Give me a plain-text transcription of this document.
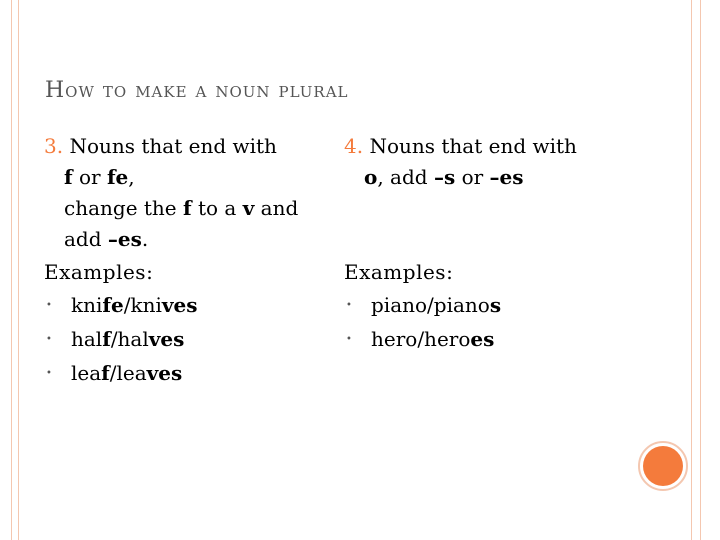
How to make a noun plural
3. Nouns that end with
f or fe,
change the f to a v and
add –es.
Examples:
• kni fe /kni ves
• hal f /hal ves
• lea f /lea ves
4. Nouns that end with
o, add –s or –es
Examples:
• piano/piano s
• hero/hero es
